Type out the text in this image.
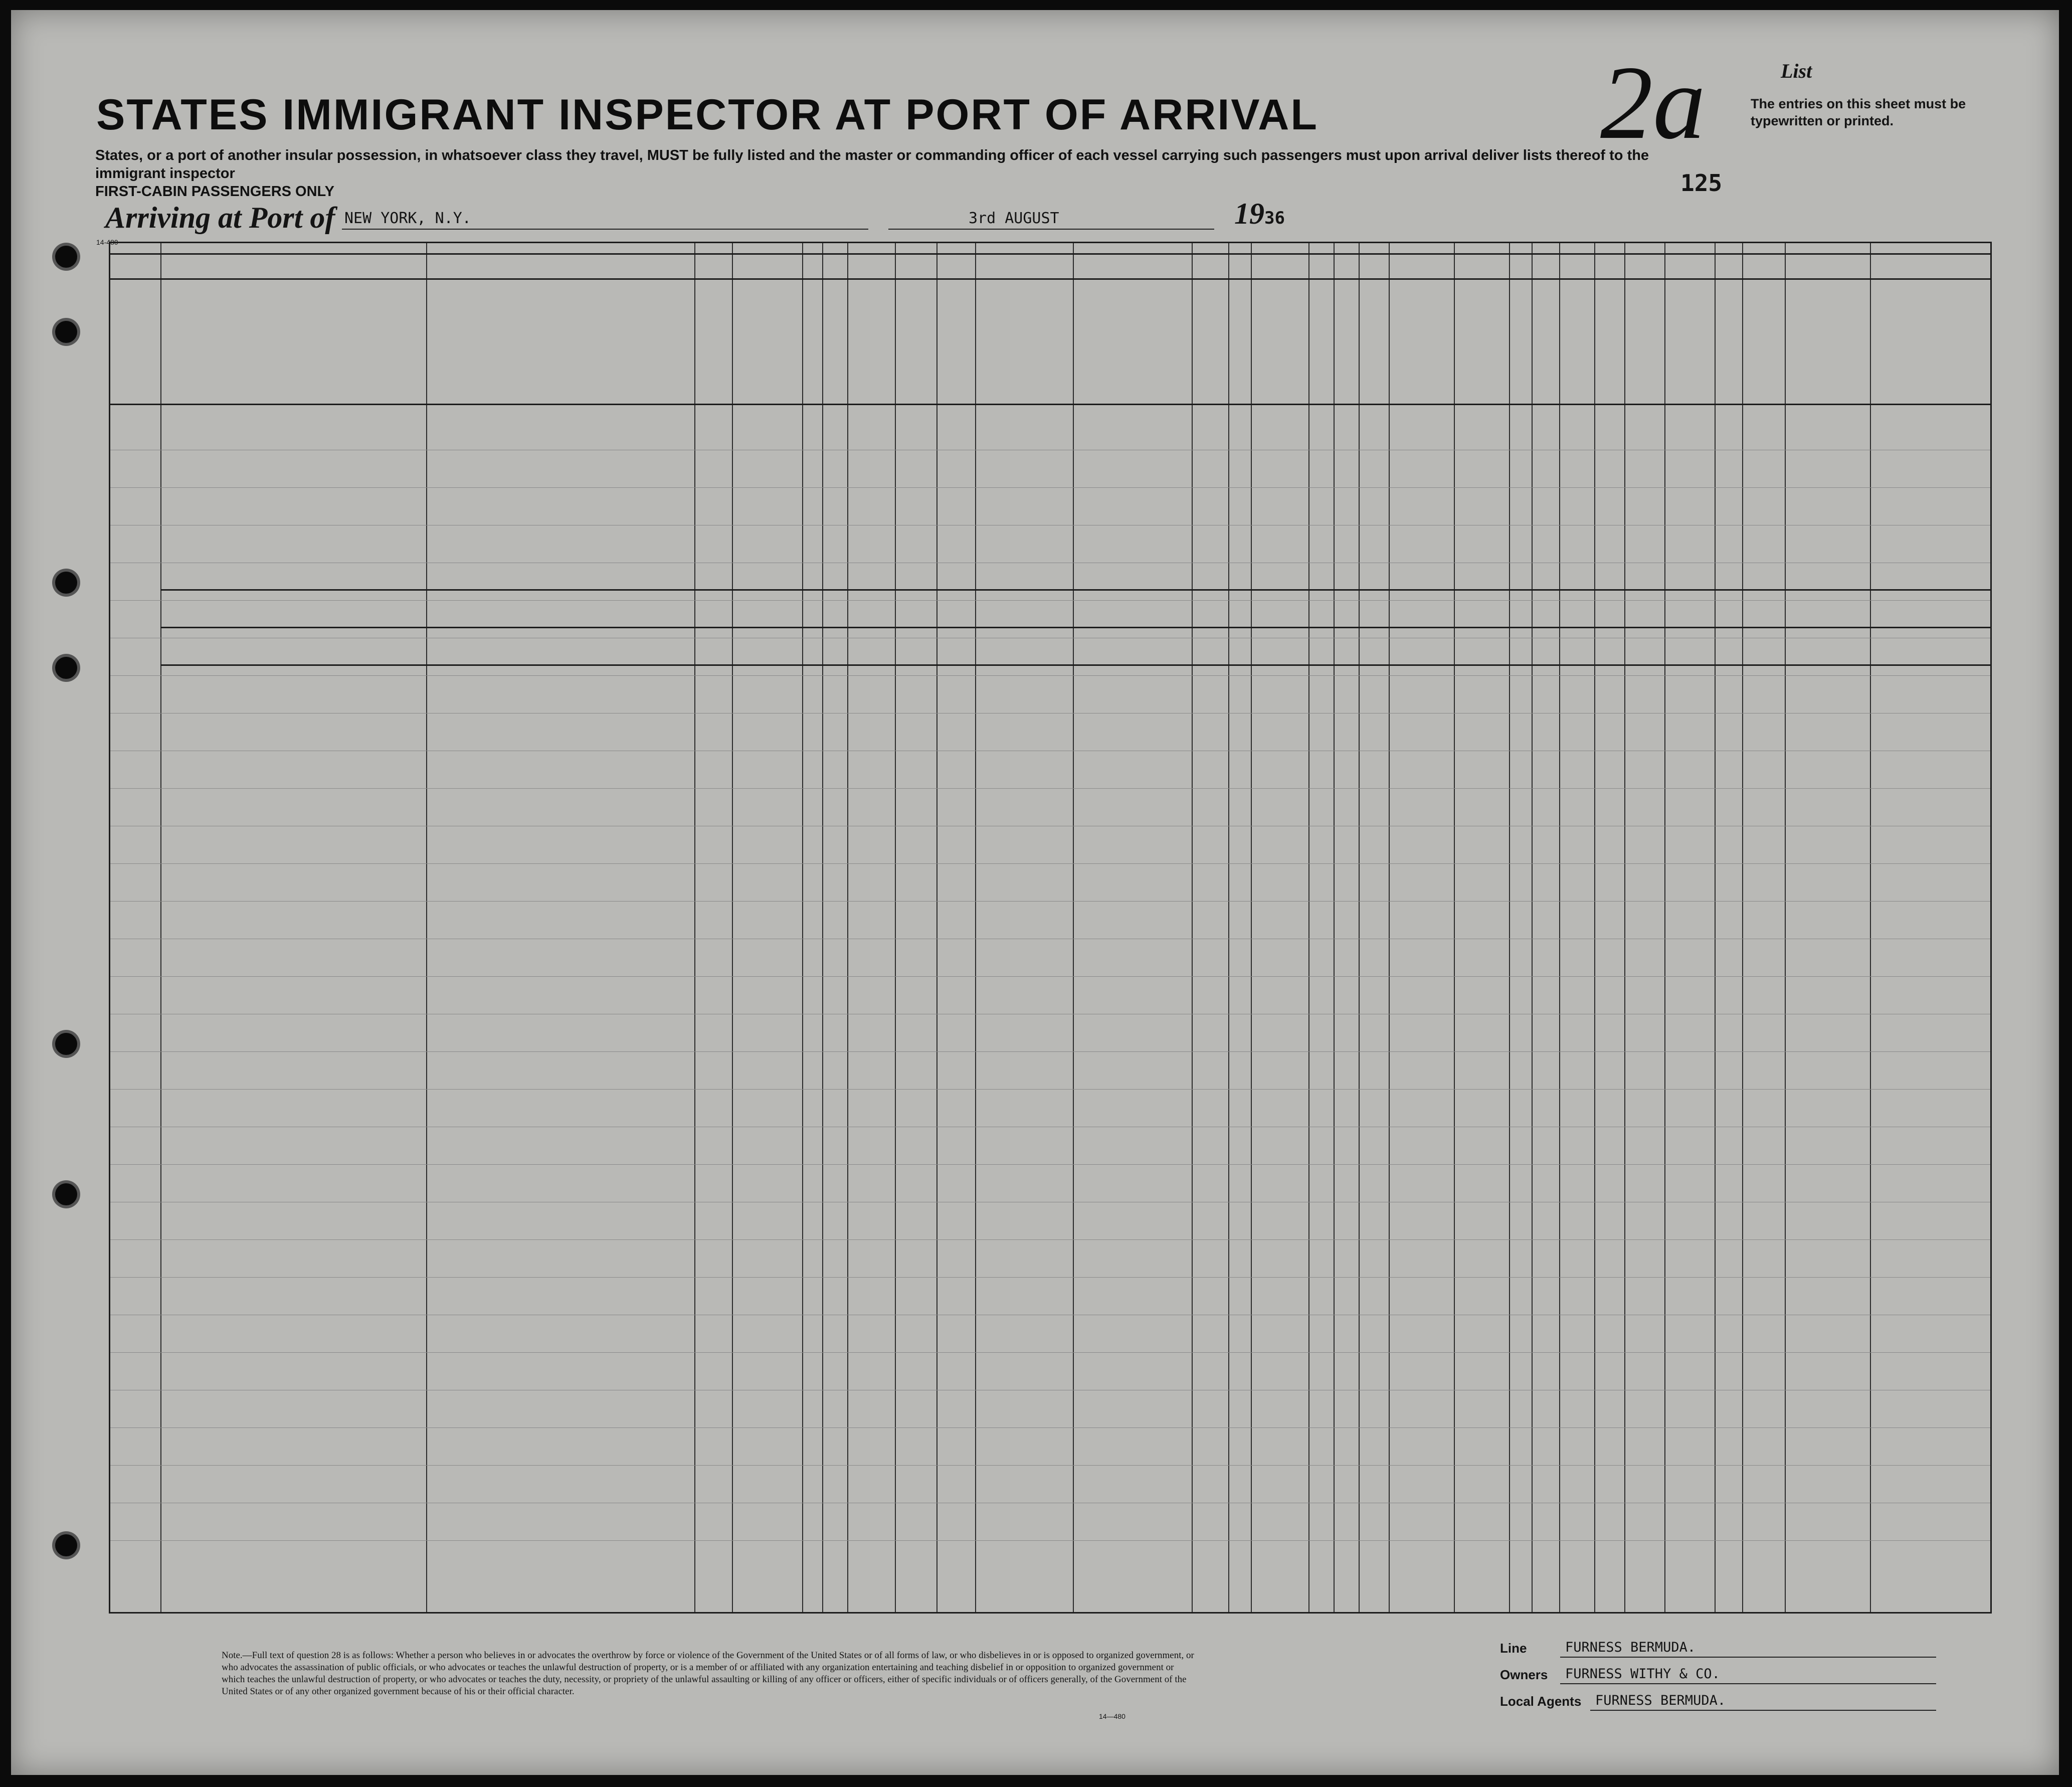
List
2a	The entries on this sheet must be typewritten or printed.
STATES IMMIGRANT INSPECTOR AT PORT OF ARRIVAL
States, or a port of another insular possession, in whatsoever class they travel, MUST be fully listed and the master or commanding officer of each vessel carrying such passengers must upon arrival deliver lists thereof to the immigrant inspector
FIRST-CABIN PASSENGERS ONLY	125
Arriving at Port of NEW YORK, N.Y.	3rd AUGUST	1936
14-480
Note.—Full text of question 28 is as follows: Whether a person who believes in or advocates the overthrow by force or violence of the Government of the United States or of all forms of law, or who disbelieves in or is opposed to organized government, or who advocates the assassination of public officials, or who advocates or teaches the unlawful destruction of property, or is a member of or affiliated with any organization entertaining and teaching disbelief in or opposition to organized government or which teaches the unlawful destruction of property, or who advocates or teaches the duty, necessity, or propriety of the unlawful assaulting or killing of any officer or officers, either of specific individuals or of officers generally, of the Government of the United States or of any other organized government because of his or their official character.
14—480
Line	FURNESS BERMUDA.
Owners FURNESS WITHY & CO.
Local Agents FURNESS BERMUDA.
